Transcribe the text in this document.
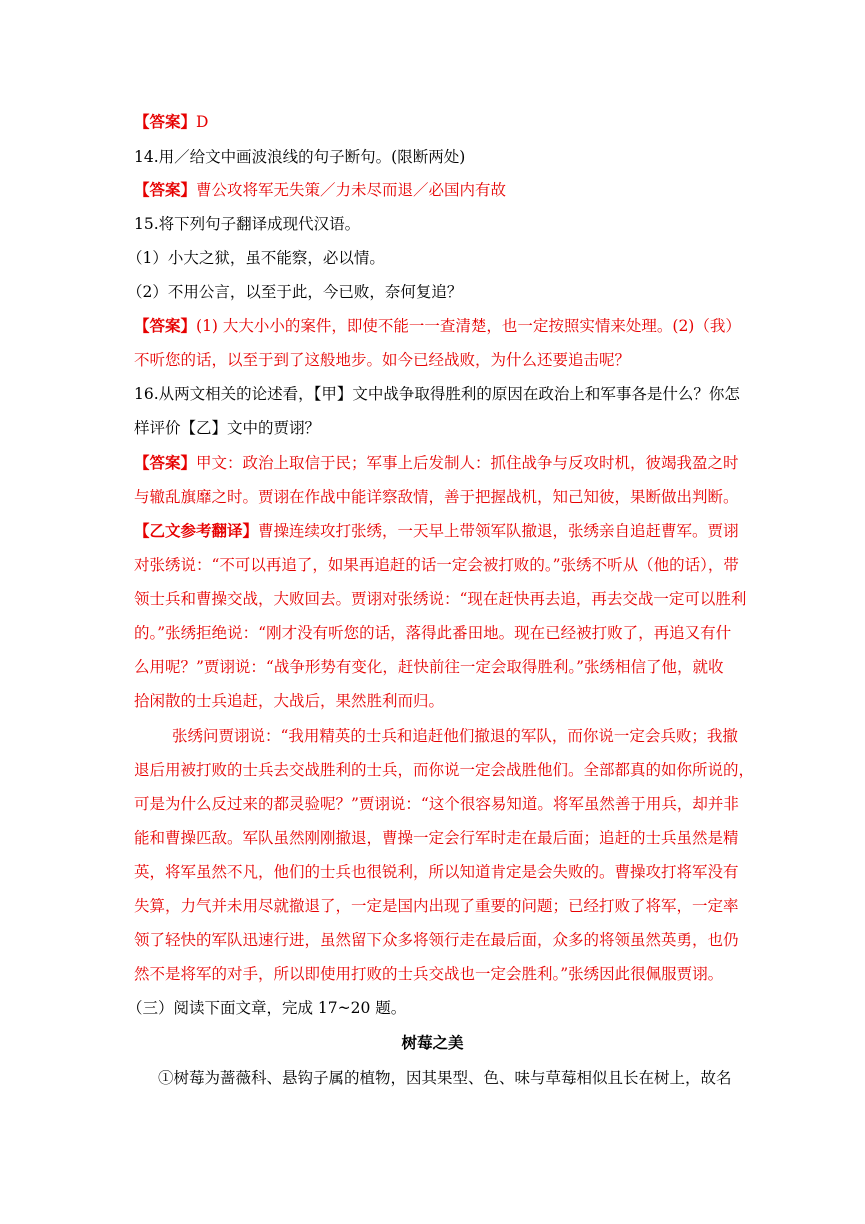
【答案】D

14.用／给文中画波浪线的句子断句。(限断两处)

【答案】曹公攻将军无失策／力未尽而退／必国内有故

15.将下列句子翻译成现代汉语。

（1）小大之狱，虽不能察，必以情。

（2）不用公言，以至于此，今已败，奈何复追？

【答案】(1) 大大小小的案件，即使不能一一查清楚，也一定按照实情来处理。(2)（我）

不听您的话，以至于到了这般地步。如今已经战败，为什么还要追击呢？

16.从两文相关的论述看，【甲】文中战争取得胜利的原因在政治上和军事各是什么？你怎

样评价【乙】文中的贾诩？

【答案】甲文：政治上取信于民；军事上后发制人：抓住战争与反攻时机，彼竭我盈之时

与辙乱旗靡之时。贾诩在作战中能详察敌情，善于把握战机，知己知彼，果断做出判断。

【乙文参考翻译】曹操连续攻打张绣，一天早上带领军队撤退，张绣亲自追赶曹军。贾诩

对张绣说：“不可以再追了，如果再追赶的话一定会被打败的。”张绣不听从（他的话），带

领士兵和曹操交战，大败回去。贾诩对张绣说：“现在赶快再去追，再去交战一定可以胜利

的。”张绣拒绝说：“刚才没有听您的话，落得此番田地。现在已经被打败了，再追又有什

么用呢？”贾诩说：“战争形势有变化，赶快前往一定会取得胜利。”张绣相信了他，就收

拾闲散的士兵追赶，大战后，果然胜利而归。

张绣问贾诩说：“我用精英的士兵和追赶他们撤退的军队，而你说一定会兵败；我撤

退后用被打败的士兵去交战胜利的士兵，而你说一定会战胜他们。全部都真的如你所说的，

可是为什么反过来的都灵验呢？”贾诩说：“这个很容易知道。将军虽然善于用兵，却并非

能和曹操匹敌。军队虽然刚刚撤退，曹操一定会行军时走在最后面；追赶的士兵虽然是精

英，将军虽然不凡，他们的士兵也很锐利，所以知道肯定是会失败的。曹操攻打将军没有

失算，力气并未用尽就撤退了，一定是国内出现了重要的问题；已经打败了将军，一定率

领了轻快的军队迅速行进，虽然留下众多将领行走在最后面，众多的将领虽然英勇，也仍

然不是将军的对手，所以即使用打败的士兵交战也一定会胜利。”张绣因此很佩服贾诩。

（三）阅读下面文章，完成 17~20 题。

树莓之美

①树莓为蔷薇科、悬钩子属的植物，因其果型、色、味与草莓相似且长在树上，故名
